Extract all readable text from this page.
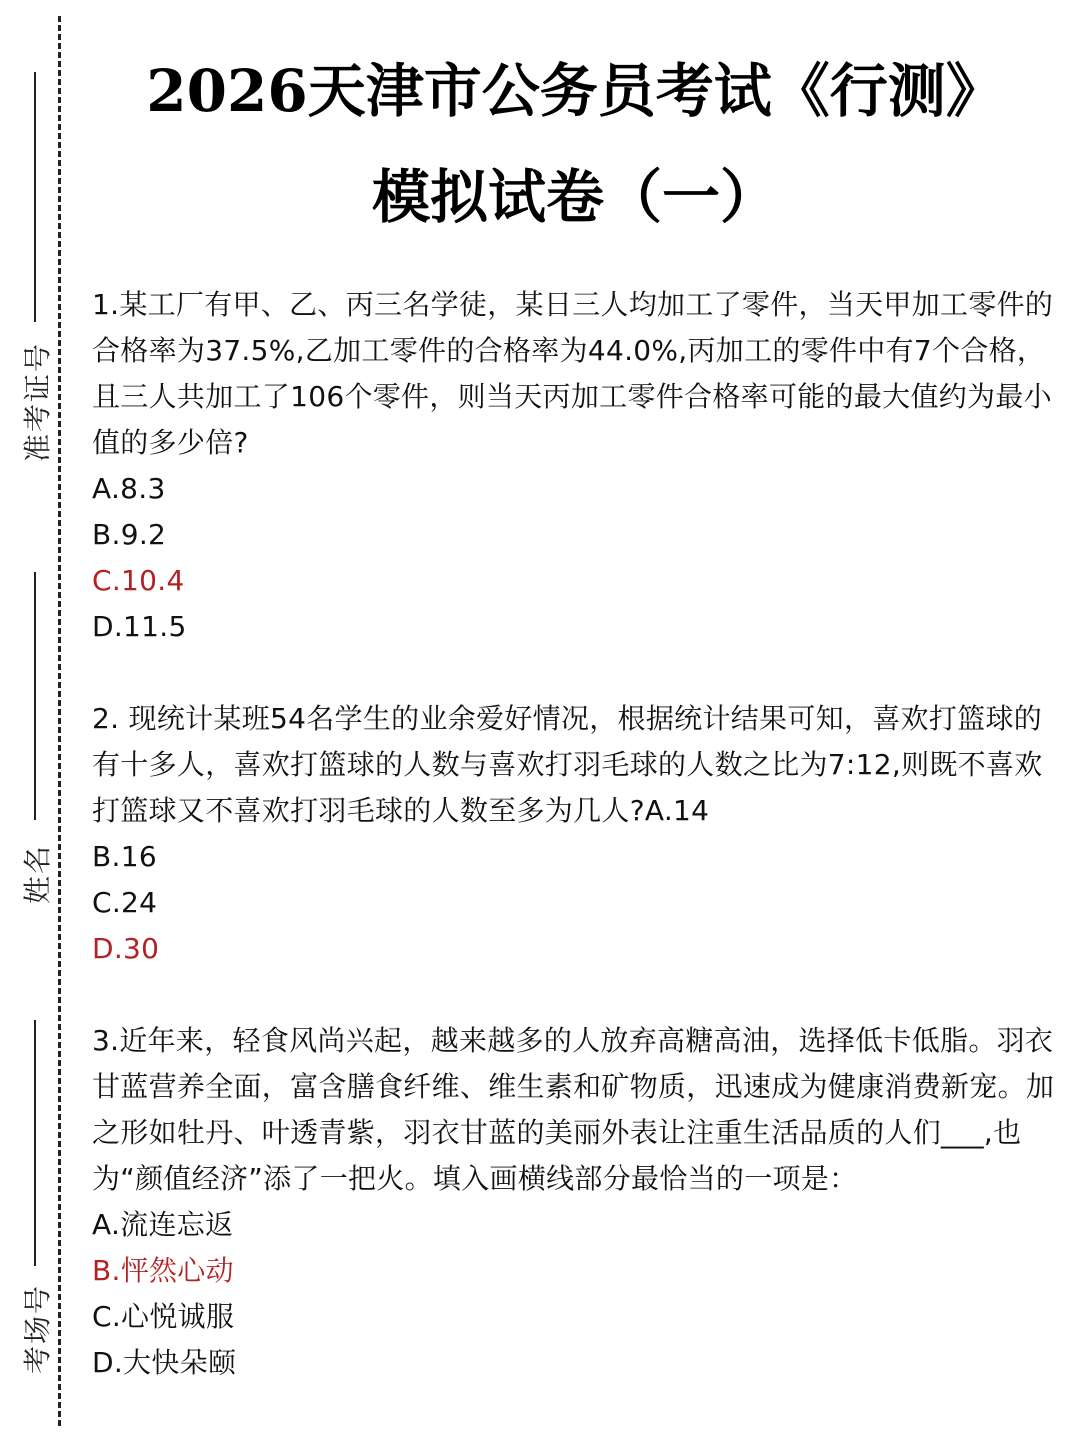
准考证号
姓名
考场号
2026天津市公务员考试《行测》
模拟试卷（一）

1.某工厂有甲、乙、丙三名学徒，某日三人均加工了零件，当天甲加工零件的合格率为37.5%,乙加工零件的合格率为44.0%,丙加工的零件中有7个合格，且三人共加工了106个零件，则当天丙加工零件合格率可能的最大值约为最小值的多少倍?

A.8.3

B.9.2

C.10.4

D.11.5

2. 现统计某班54名学生的业余爱好情况，根据统计结果可知，喜欢打篮球的有十多人，喜欢打篮球的人数与喜欢打羽毛球的人数之比为7:12,则既不喜欢打篮球又不喜欢打羽毛球的人数至多为几人?A.14

B.16

C.24

D.30

3.近年来，轻食风尚兴起，越来越多的人放弃高糖高油，选择低卡低脂。羽衣甘蓝营养全面，富含膳食纤维、维生素和矿物质，迅速成为健康消费新宠。加之形如牡丹、叶透青紫，羽衣甘蓝的美丽外表让注重生活品质的人们___,也为“颜值经济”添了一把火。填入画横线部分最恰当的一项是：

A.流连忘返

B.怦然心动

C.心悦诚服

D.大快朵颐
